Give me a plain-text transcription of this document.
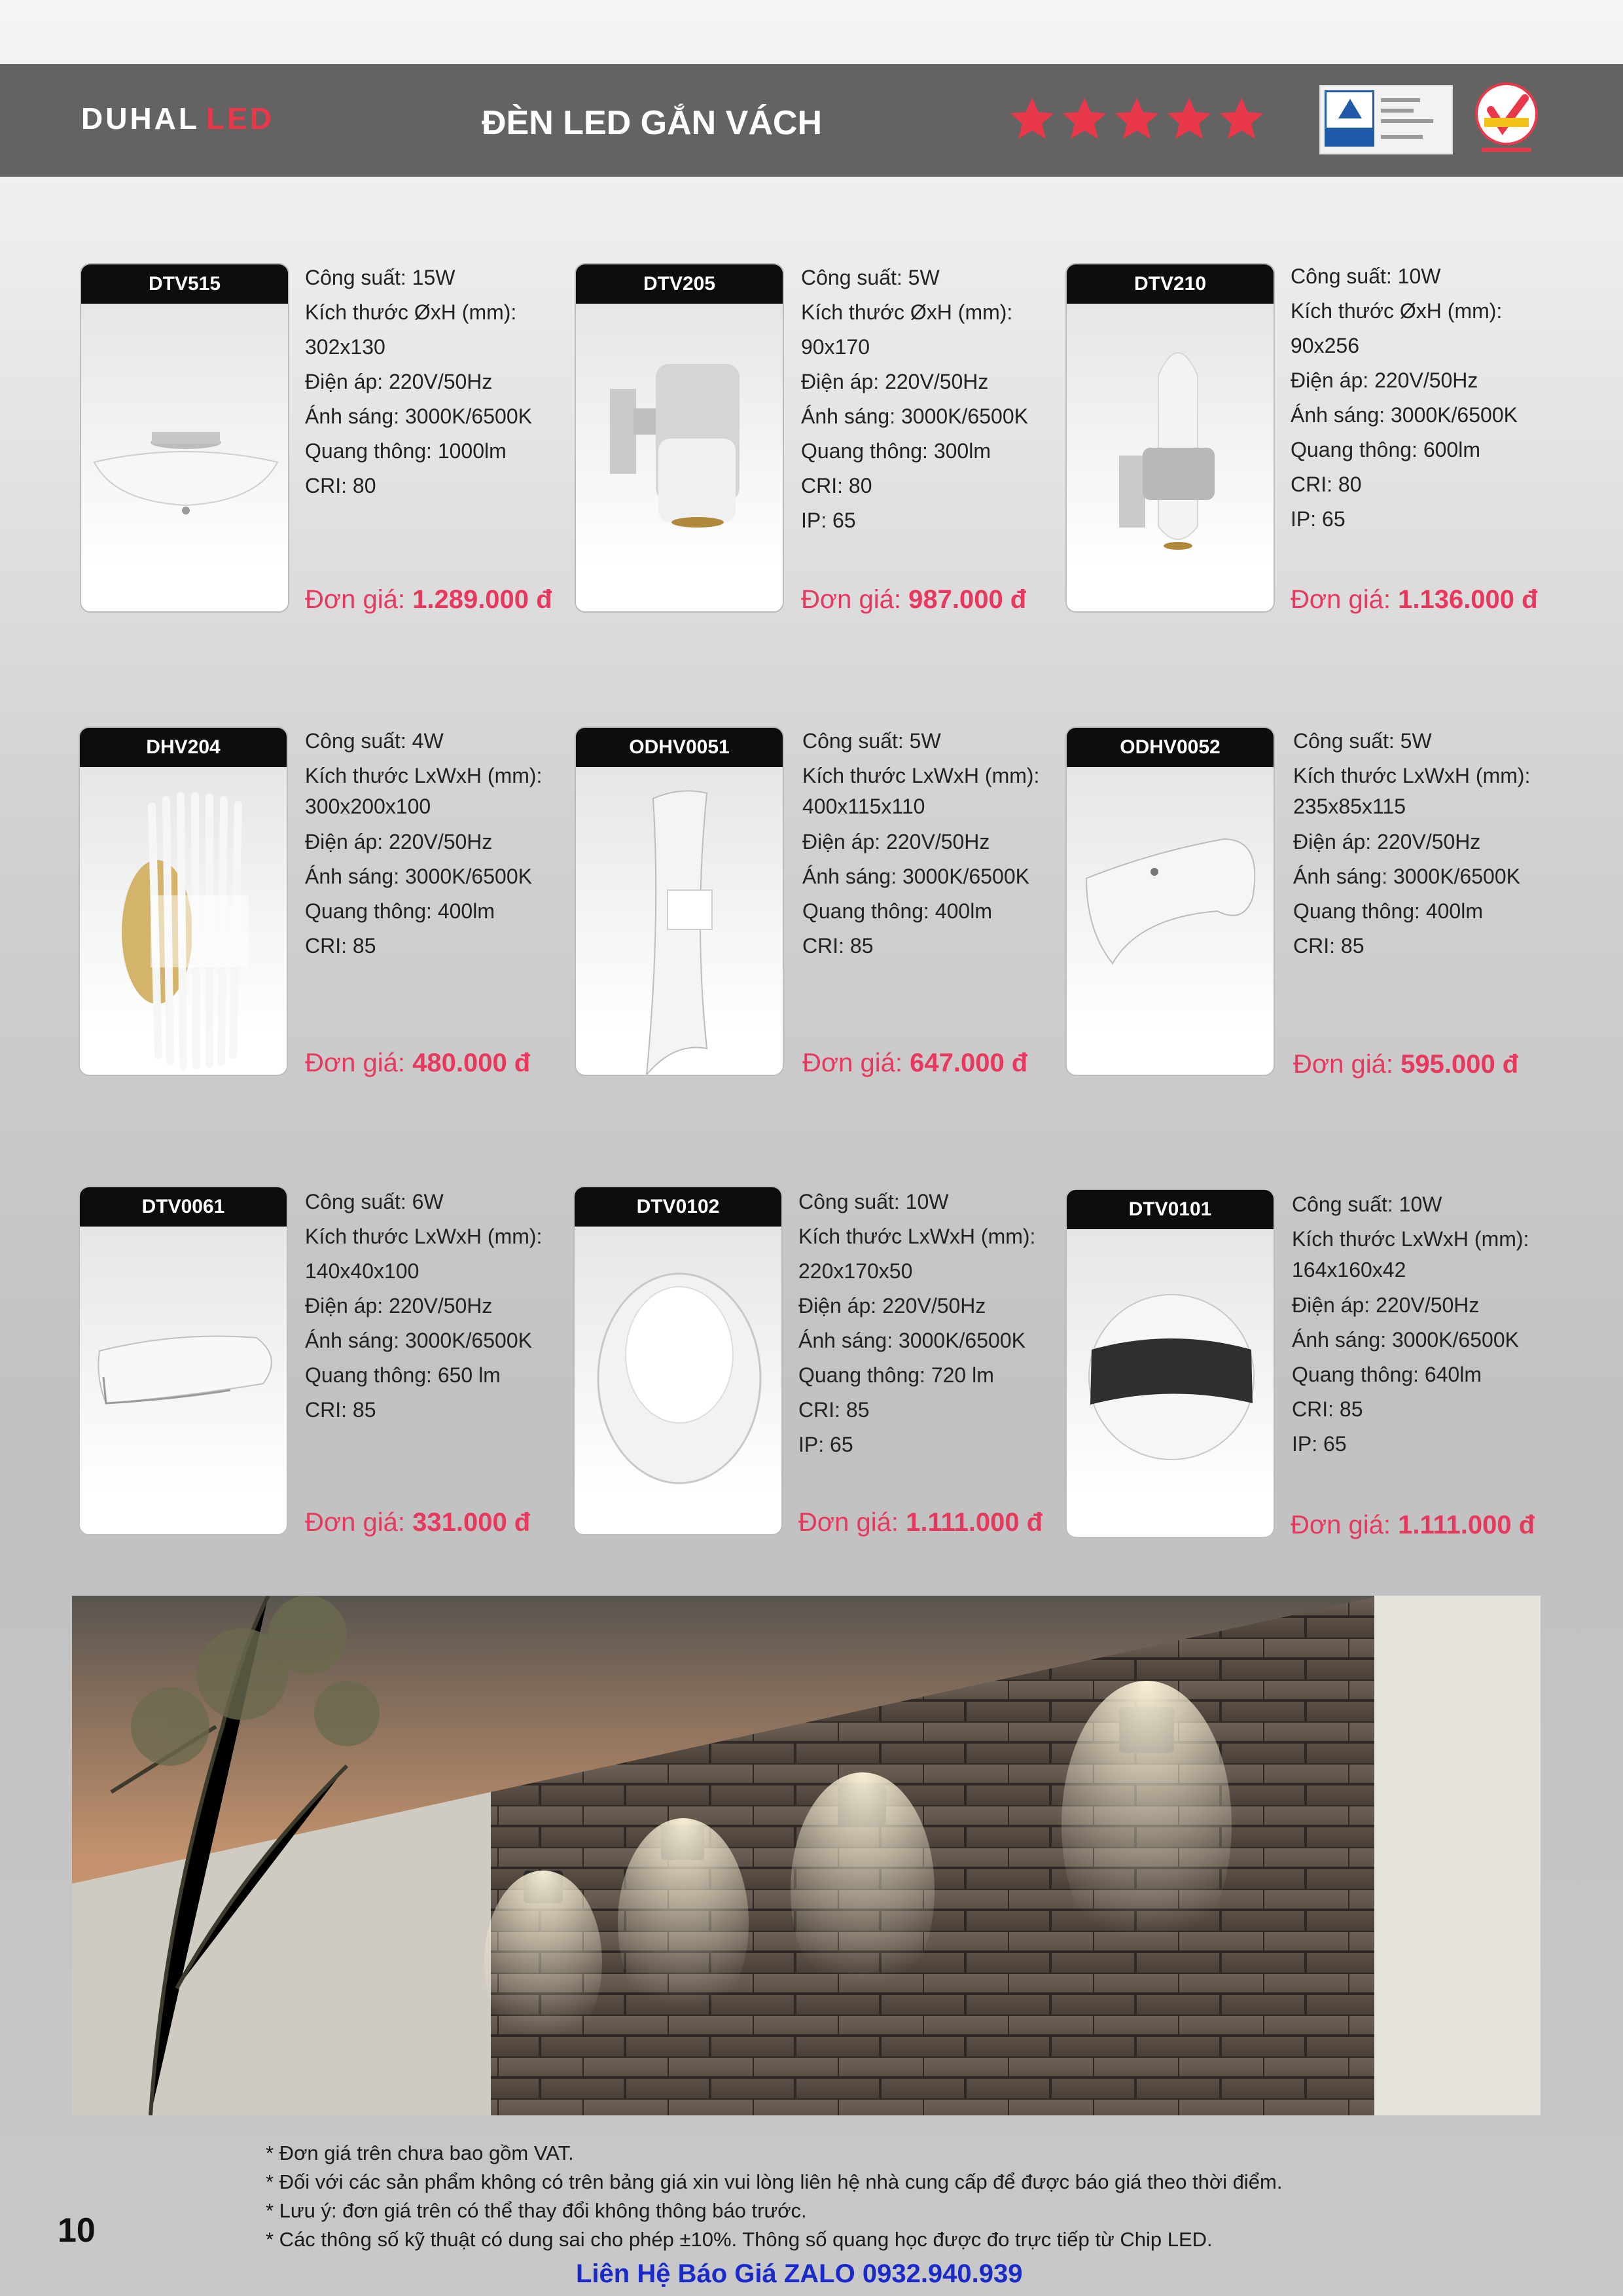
DUHAL LED	ĐÈN LED GẮN VÁCH
DTV515	Công suất: 15W
Kích thước ØxH (mm):
302x130
Điện áp: 220V/50Hz
Ánh sáng: 3000K/6500K
Quang thông: 1000lm
CRI: 80
Đơn giá: 1.289.000 đ
DTV205	Công suất: 5W
Kích thước ØxH (mm):
90x170
Điện áp: 220V/50Hz
Ánh sáng: 3000K/6500K
Quang thông: 300lm
CRI: 80
IP: 65
Đơn giá: 987.000 đ
DTV210	Công suất: 10W
Kích thước ØxH (mm):
90x256
Điện áp: 220V/50Hz
Ánh sáng: 3000K/6500K
Quang thông: 600lm
CRI: 80
IP: 65
Đơn giá: 1.136.000 đ
DHV204	Công suất: 4W
Kích thước LxWxH (mm):
300x200x100
Điện áp: 220V/50Hz
Ánh sáng: 3000K/6500K
Quang thông: 400lm
CRI: 85
Đơn giá: 480.000 đ
ODHV0051	Công suất: 5W
Kích thước LxWxH (mm):
400x115x110
Điện áp: 220V/50Hz
Ánh sáng: 3000K/6500K
Quang thông: 400lm
CRI: 85
Đơn giá: 647.000 đ
ODHV0052	Công suất: 5W
Kích thước LxWxH (mm):
235x85x115
Điện áp: 220V/50Hz
Ánh sáng: 3000K/6500K
Quang thông: 400lm
CRI: 85
Đơn giá: 595.000 đ
DTV0061	Công suất: 6W
Kích thước LxWxH (mm):
140x40x100
Điện áp: 220V/50Hz
Ánh sáng: 3000K/6500K
Quang thông: 650 lm
CRI: 85
Đơn giá: 331.000 đ
DTV0102	Công suất: 10W
Kích thước LxWxH (mm):
220x170x50
Điện áp: 220V/50Hz
Ánh sáng: 3000K/6500K
Quang thông: 720 lm
CRI: 85
IP: 65
Đơn giá: 1.111.000 đ
DTV0101	Công suất: 10W
Kích thước LxWxH (mm):
164x160x42
Điện áp: 220V/50Hz
Ánh sáng: 3000K/6500K
Quang thông: 640lm
CRI: 85
IP: 65
Đơn giá: 1.111.000 đ
* Đơn giá trên chưa bao gồm VAT.
* Đối với các sản phẩm không có trên bảng giá xin vui lòng liên hệ nhà cung cấp để được báo giá theo thời điểm.
* Lưu ý: đơn giá trên có thể thay đổi không thông báo trước.
* Các thông số kỹ thuật có dung sai cho phép ±10%. Thông số quang học được đo trực tiếp từ Chip LED.
10
Liên Hệ Báo Giá ZALO 0932.940.939
